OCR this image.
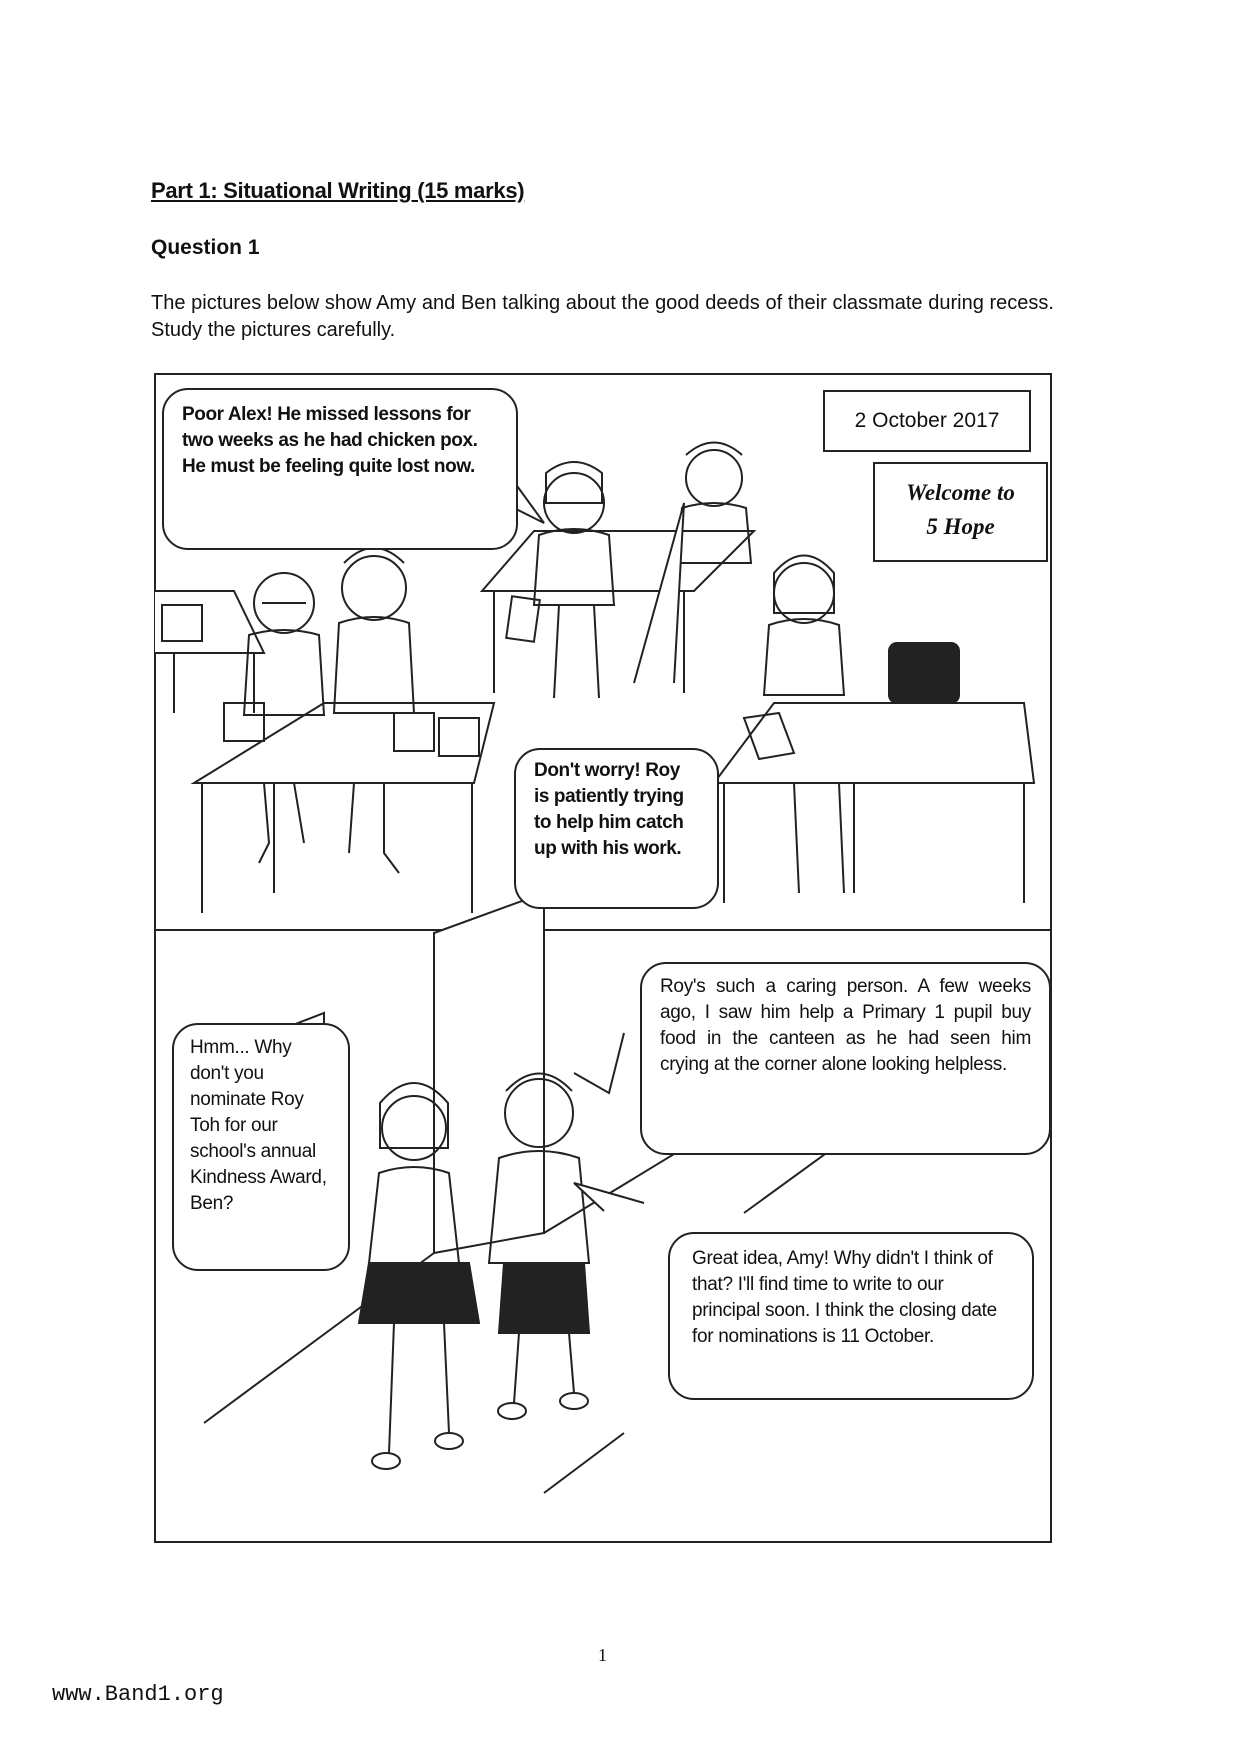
Part 1: Situational Writing (15 marks)
Question 1
The pictures below show Amy and Ben talking about the good deeds of their classmate during recess. Study the pictures carefully.
2 October 2017
Welcome to
5 Hope
Poor Alex! He missed lessons for two weeks as he had chicken pox. He must be feeling quite lost now.
Don't worry! Roy is patiently trying to help him catch up with his work.
Hmm... Why don't you nominate Roy Toh for our school's annual Kindness Award, Ben?
Roy's such a caring person. A few weeks ago, I saw him help a Primary 1 pupil buy food in the canteen as he had seen him crying at the corner alone looking helpless.
Great idea, Amy! Why didn't I think of that? I'll find time to write to our principal soon. I think the closing date for nominations is 11 October.
1
www.Band1.org
